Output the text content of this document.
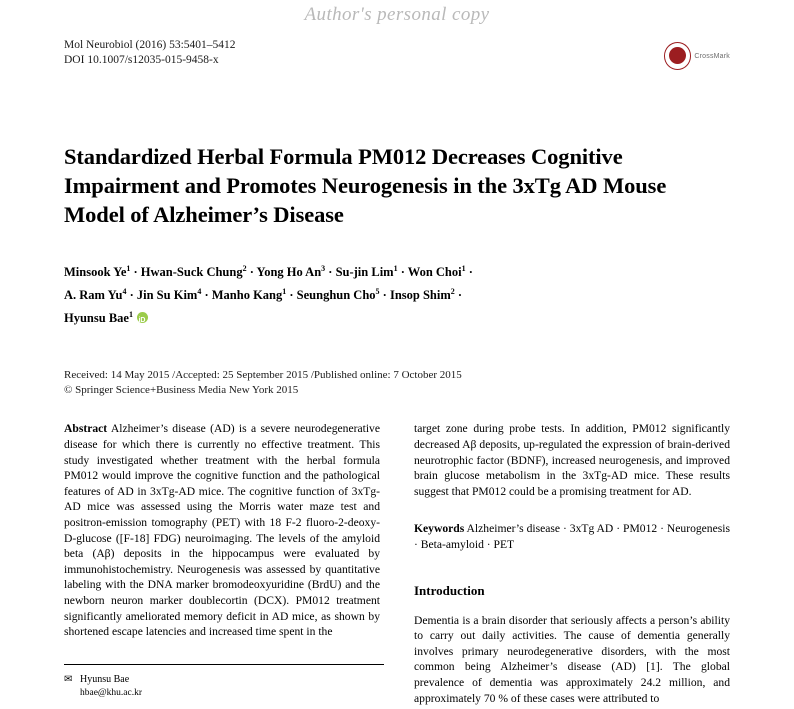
Author's personal copy
Mol Neurobiol (2016) 53:5401–5412
DOI 10.1007/s12035-015-9458-x	CrossMark
Standardized Herbal Formula PM012 Decreases Cognitive Impairment and Promotes Neurogenesis in the 3xTg AD Mouse Model of Alzheimer’s Disease
Minsook $Ye^1$ · Hwan-Suck Chung$^2$ · Yong Ho $An^3 \cdot Su-jin$ Lim$^1$ · Won Choi$^1$ ·
A. Ram $Yu^4$ · Jin Su Kim$^4$ · Manho Kang$^1$ · Seunghun Cho$^5$ · Insop Shim$^2$ ·
Hyunsu Bae$^1$iD
Received: 14 May 2015 /Accepted: 25 September 2015 /Published online: 7 October 2015
© Springer Science+Business Media New York 2015
Abstract Alzheimer’s disease (AD) is a severe neurodegenerative disease for which there is currently no effective treatment. This study investigated whether treatment with the herbal formula PM012 would improve the cognitive function and the pathological features of AD in 3xTg-AD mice. The cognitive function of 3xTg-AD mice was assessed using the Morris water maze test and positron-emission tomography (PET) with 18 F-2 fluoro-2-deoxy-D-glucose ([F-18] FDG) neuroimaging. The levels of the amyloid beta (Aβ) deposits in the hippocampus were evaluated by immunohistochemistry. Neurogenesis was assessed by quantitative labeling with the DNA marker bromodeoxyuridine (BrdU) and the newborn neuron marker doublecortin (DCX). PM012 treatment significantly ameliorated memory deficit in AD mice, as shown by shortened escape latencies and increased time spent in the
target zone during probe tests. In addition, PM012 significantly decreased Aβ deposits, up-regulated the expression of brain-derived neurotrophic factor (BDNF), increased neurogenesis, and improved brain glucose metabolism in the 3xTg-AD mice. These results suggest that PM012 could be a promising treatment for AD.
Keywords Alzheimer’s disease · 3xTg AD · PM012 · Neurogenesis · Beta-amyloid · PET
Introduction
Dementia is a brain disorder that seriously affects a person’s ability to carry out daily activities. The cause of dementia generally involves primary neurodegenerative disorders, with the most common being Alzheimer’s disease (AD) [1]. The global prevalence of dementia was approximately 24.2 million, and approximately 70 % of these cases were attributed to
✉ Hyunsu Bae
hbae@khu.ac.kr
